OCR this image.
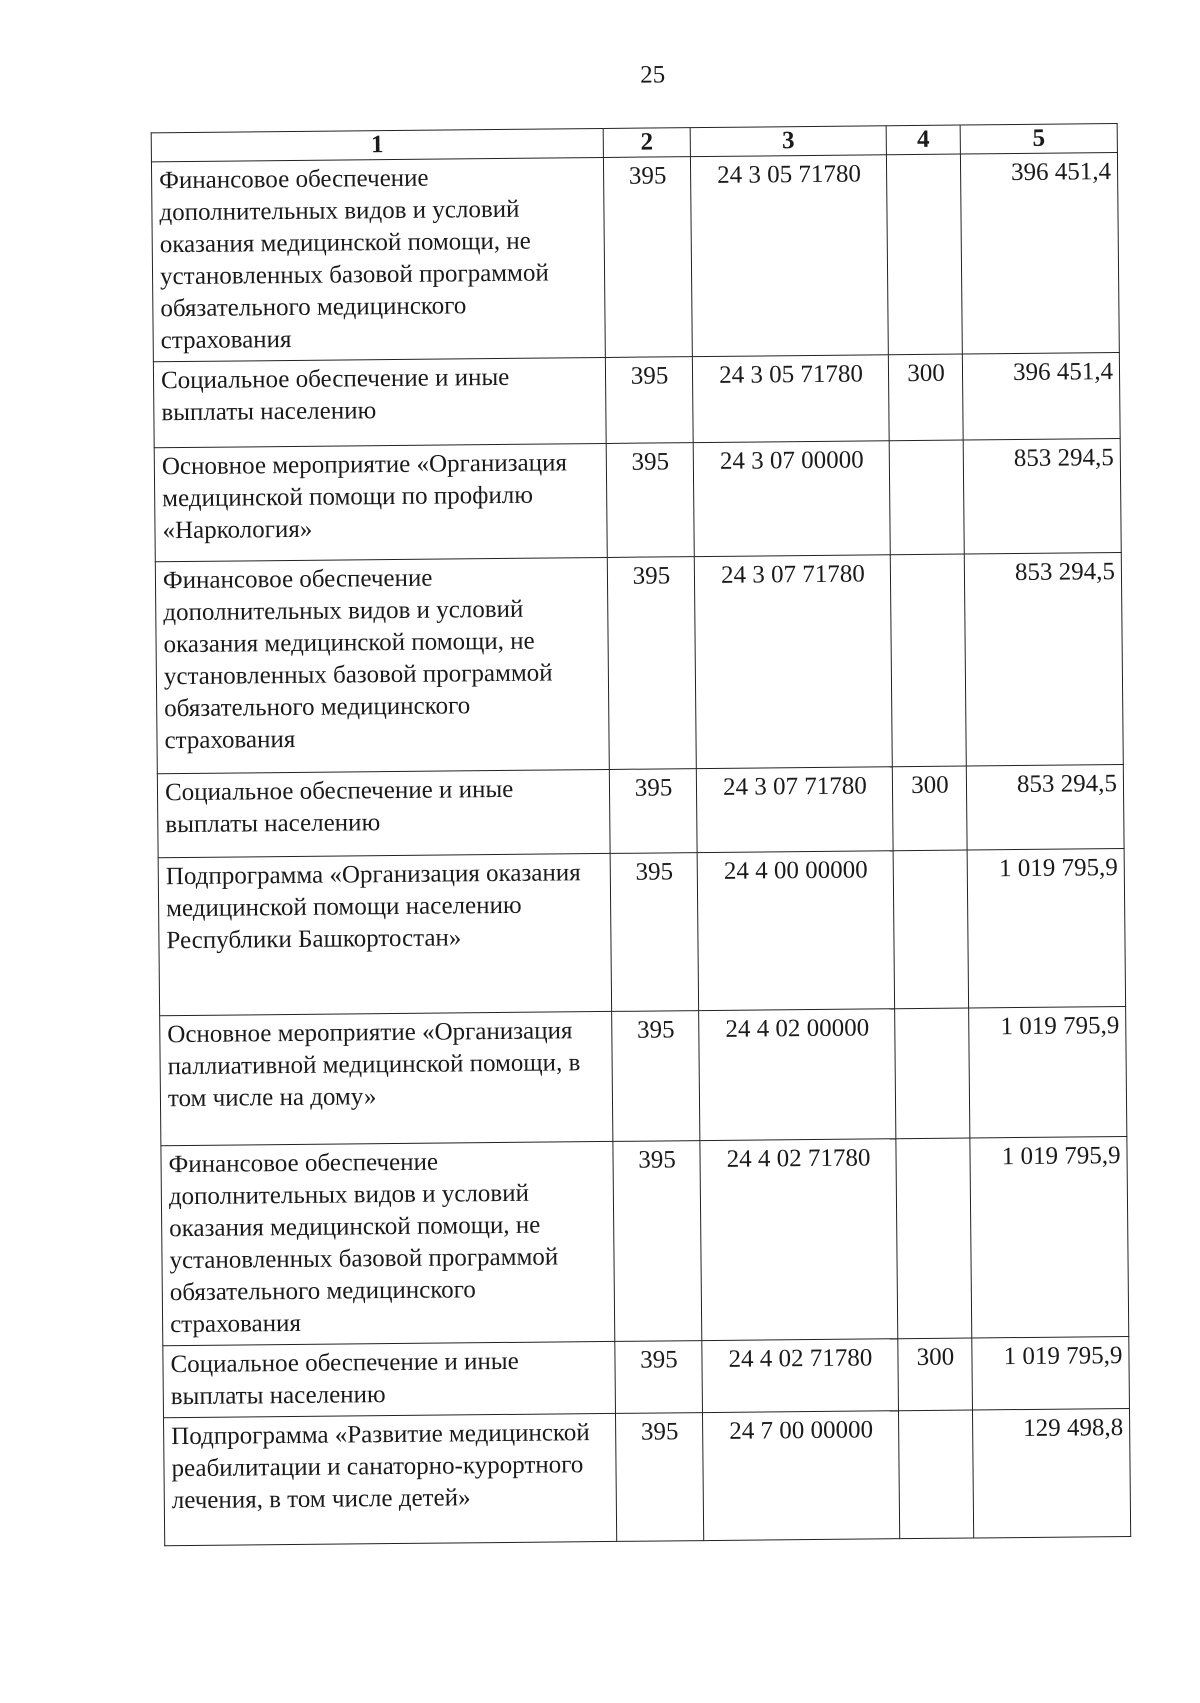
25
1	2	3	4	5
Финансовое обеспечение дополнительных видов и условий оказания медицинской помощи, не установленных базовой программой обязательного медицинского страхования	395	24 3 05 71780		396 451,4
Социальное обеспечение и иные выплаты населению	395	24 3 05 71780	300	396 451,4
Основное мероприятие «Организация медицинской помощи по профилю «Наркология»	395	24 3 07 00000		853 294,5
Финансовое обеспечение дополнительных видов и условий оказания медицинской помощи, не установленных базовой программой обязательного медицинского страхования	395	24 3 07 71780		853 294,5
Социальное обеспечение и иные выплаты населению	395	24 3 07 71780	300	853 294,5
Подпрограмма «Организация оказания медицинской помощи населению Республики Башкортостан»	395	24 4 00 00000		1 019 795,9
Основное мероприятие «Организация паллиативной медицинской помощи, в том числе на дому»	395	24 4 02 00000		1 019 795,9
Финансовое обеспечение дополнительных видов и условий оказания медицинской помощи, не установленных базовой программой обязательного медицинского страхования	395	24 4 02 71780		1 019 795,9
Социальное обеспечение и иные выплаты населению	395	24 4 02 71780	300	1 019 795,9
Подпрограмма «Развитие медицинской реабилитации и санаторно-курортного лечения, в том числе детей»	395	24 7 00 00000		129 498,8
